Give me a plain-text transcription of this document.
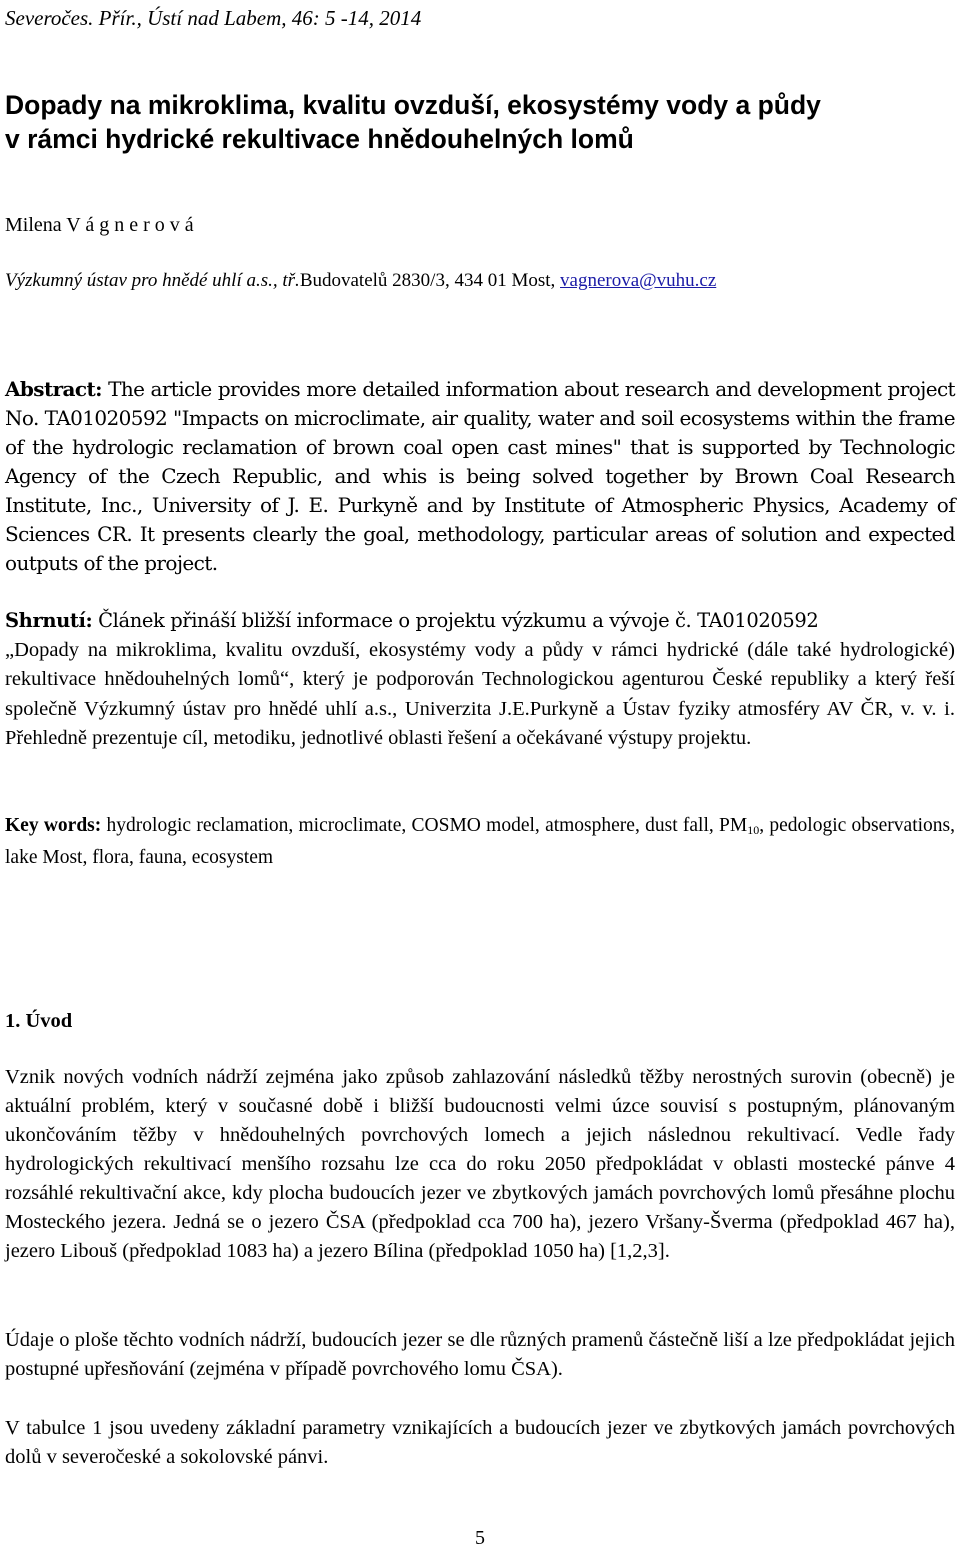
Severočes. Přír., Ústí nad Labem, 46: 5 -14, 2014
Dopady na mikroklima, kvalitu ovzduší, ekosystémy vody a půdy
v rámci hydrické rekultivace hnědouhelných lomů
Milena V á g n e r o v á
Výzkumný ústav pro hnědé uhlí a.s., tř.Budovatelů 2830/3, 434 01 Most, vagnerova@vuhu.cz
Abstract: The article provides more detailed information about research and development project No. TA01020592 "Impacts on microclimate, air quality, water and soil ecosystems within the frame of the hydrologic reclamation of brown coal open cast mines" that is supported by Technologic Agency of the Czech Republic, and whis is being solved together by Brown Coal Research Institute, Inc., University of J. E. Purkyně and by Institute of Atmospheric Physics, Academy of Sciences CR. It presents clearly the goal, methodology, particular areas of solution and expected outputs of the project.
Shrnutí: Článek přináší bližší informace o projektu výzkumu a vývoje č. TA01020592
„Dopady na mikroklima, kvalitu ovzduší, ekosystémy vody a půdy v rámci hydrické (dále také hydrologické) rekultivace hnědouhelných lomů“, který je podporován Technologickou agenturou České republiky a který řeší společně Výzkumný ústav pro hnědé uhlí a.s., Univerzita J.E.Purkyně a Ústav fyziky atmosféry AV ČR, v. v. i. Přehledně prezentuje cíl, metodiku, jednotlivé oblasti řešení a očekávané výstupy projektu.
Key words: hydrologic reclamation, microclimate, COSMO model, atmosphere, dust fall, $PM_{10}$, pedologic observations, lake Most, flora, fauna, ecosystem
1. Úvod
Vznik nových vodních nádrží zejména jako způsob zahlazování následků těžby nerostných surovin (obecně) je aktuální problém, který v současné době i bližší budoucnosti velmi úzce souvisí s postupným, plánovaným ukončováním těžby v hnědouhelných povrchových lomech a jejich následnou rekultivací. Vedle řady hydrologických rekultivací menšího rozsahu lze cca do roku 2050 předpokládat v oblasti mostecké pánve 4 rozsáhlé rekultivační akce, kdy plocha budoucích jezer ve zbytkových jamách povrchových lomů přesáhne plochu Mosteckého jezera. Jedná se o jezero ČSA (předpoklad cca 700 ha), jezero Vršany-Šverma (předpoklad 467 ha), jezero Libouš (předpoklad 1083 ha) a jezero Bílina (předpoklad 1050 ha) [1,2,3].
Údaje o ploše těchto vodních nádrží, budoucích jezer se dle různých pramenů částečně liší a lze předpokládat jejich postupné upřesňování (zejména v případě povrchového lomu ČSA).
V tabulce 1 jsou uvedeny základní parametry vznikajících a budoucích jezer ve zbytkových jamách povrchových dolů v severočeské a sokolovské pánvi.
5
